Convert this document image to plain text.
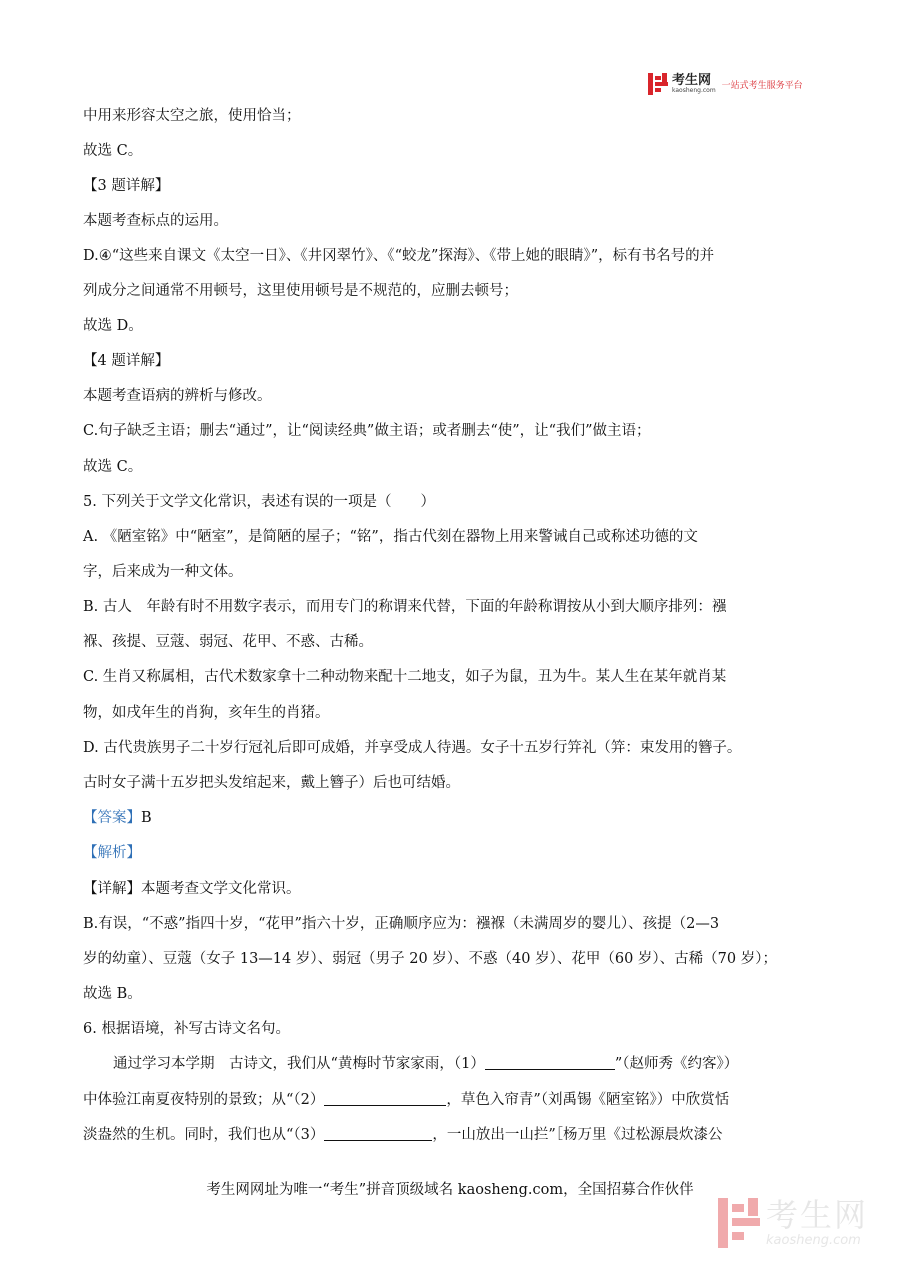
考生网
kaosheng.com 一站式考生服务平台
中用来形容太空之旅，使用恰当；
故选 C。
【3 题详解】
本题考查标点的运用。
D.④“这些来自课文《太空一日》、《井冈翠竹》、《“蛟龙”探海》、《带上她的眼睛》”，标有书名号的并
列成分之间通常不用顿号，这里使用顿号是不规范的，应删去顿号；
故选 D。
【4 题详解】
本题考查语病的辨析与修改。
C.句子缺乏主语；删去“通过”，让“阅读经典”做主语；或者删去“使”，让“我们”做主语；
故选 C。
5. 下列关于文学文化常识，表述有误的一项是（　　）
A. 《陋室铭》中“陋室”，是简陋的屋子；“铭”，指古代刻在器物上用来警诫自己或称述功德的文
字，后来成为一种文体。
B. 古人　年龄有时不用数字表示，而用专门的称谓来代替，下面的年龄称谓按从小到大顺序排列：襁
褓、孩提、豆蔻、弱冠、花甲、不惑、古稀。
C. 生肖又称属相，古代术数家拿十二种动物来配十二地支，如子为鼠，丑为牛。某人生在某年就肖某
物，如戌年生的肖狗，亥年生的肖猪。
D. 古代贵族男子二十岁行冠礼后即可成婚，并享受成人待遇。女子十五岁行笄礼（笄：束发用的簪子。
古时女子满十五岁把头发绾起来，戴上簪子）后也可结婚。
【答案】B
【解析】
【详解】本题考查文学文化常识。
B.有误，“不惑”指四十岁，“花甲”指六十岁，正确顺序应为：襁褓（未满周岁的婴儿）、孩提（2—3
岁的幼童）、豆蔻（女子 13—14 岁）、弱冠（男子 20 岁）、不惑（40 岁）、花甲（60 岁）、古稀（70 岁）；
故选 B。
6. 根据语境，补写古诗文名句。
通过学习本学期　古诗文，我们从“黄梅时节家家雨，（1）	”（赵师秀《约客》）
中体验江南夏夜特别的景致；从“（2）	，草色入帘青”（刘禹锡《陋室铭》）中欣赏恬
淡盎然的生机。同时，我们也从“（3）	，一山放出一山拦”［杨万里《过松源晨炊漆公
考生网网址为唯一“考生”拼音顶级域名 kaosheng.com，全国招募合作伙伴
考生网
kaosheng.com
